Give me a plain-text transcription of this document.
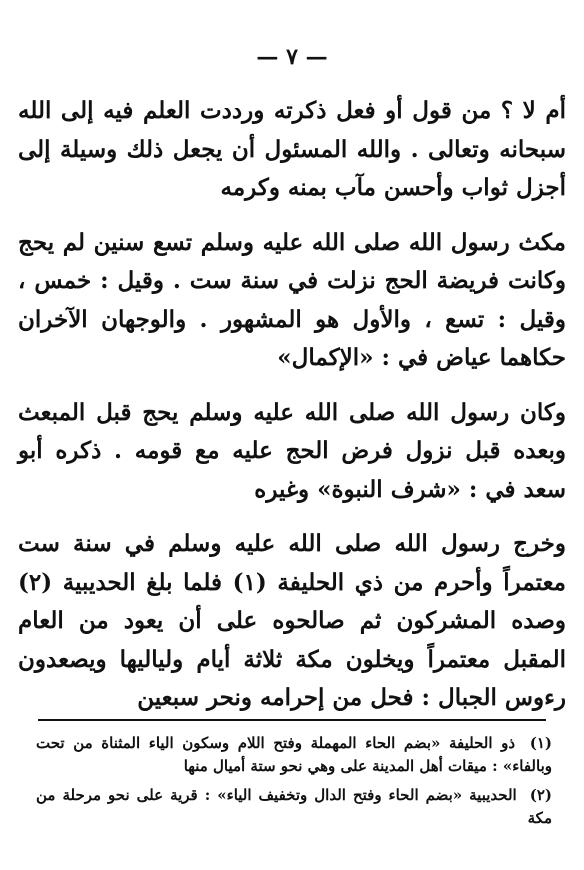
— ٧ —

أم لا ؟ من قول أو فعل ذكرته ورددت العلم فيه إلى الله سبحانه وتعالى . والله المسئول أن يجعل ذلك وسيلة إلى أجزل ثواب وأحسن مآب بمنه وكرمه

مكث رسول الله صلى الله عليه وسلم تسع سنين لم يحج وكانت فريضة الحج نزلت في سنة ست . وقيل : خمس ، وقيل : تسع ، والأول هو المشهور . والوجهان الآخران حكاهما عياض في : «الإكمال»

وكان رسول الله صلى الله عليه وسلم يحج قبل المبعث وبعده قبل نزول فرض الحج عليه مع قومه . ذكره أبو سعد في : «شرف النبوة» وغيره

وخرج رسول الله صلى الله عليه وسلم في سنة ست معتمراً وأحرم من ذي الحليفة (١) فلما بلغ الحديبية (٢) وصده المشركون ثم صالحوه على أن يعود من العام المقبل معتمراً ويخلون مكة ثلاثة أيام ولياليها ويصعدون رءوس الجبال : فحل من إحرامه ونحر سبعين

(١) ذو الحليفة «بضم الحاء المهملة وفتح اللام وسكون الياء المثناة من تحت وبالفاء» : ميقات أهل المدينة على وهي نحو ستة أميال منها

(٢) الحديبية «بضم الحاء وفتح الدال وتخفيف الياء» : قرية على نحو مرحلة من مكة
